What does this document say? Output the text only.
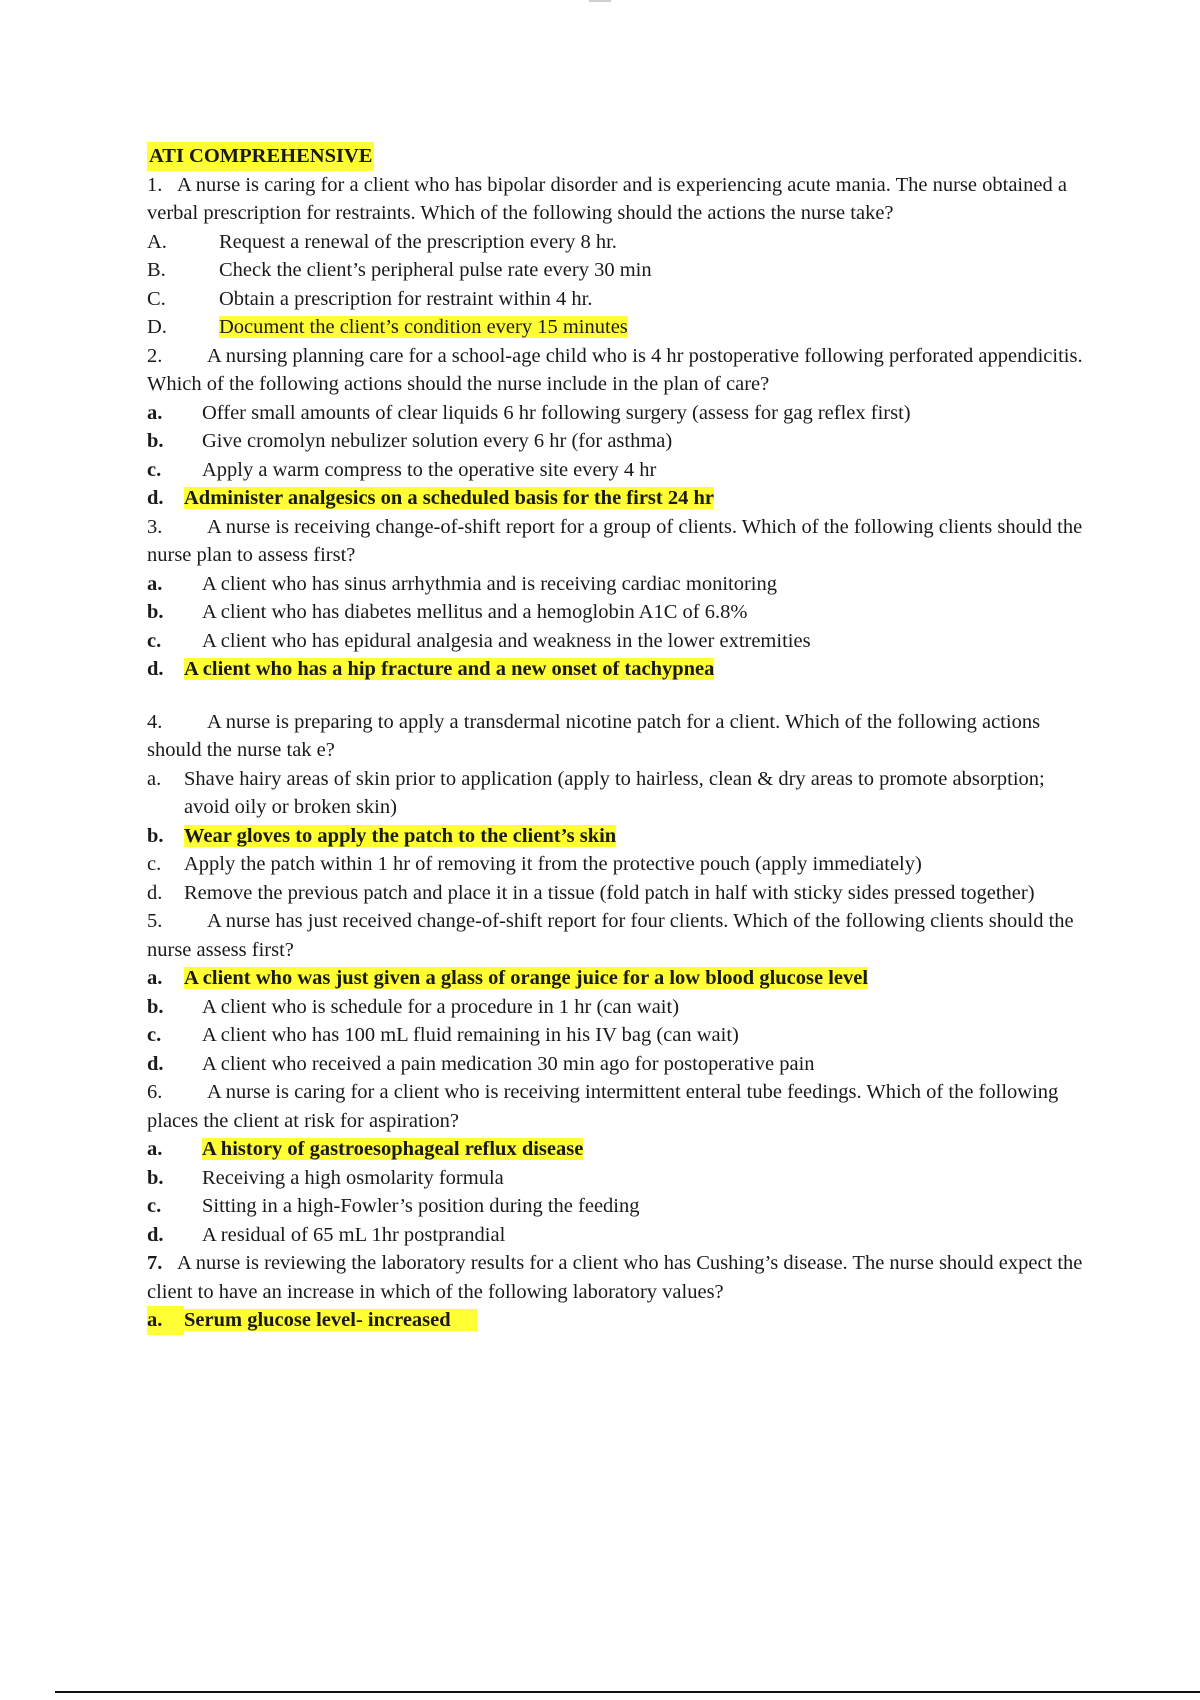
ATI COMPREHENSIVE

1. A nurse is caring for a client who has bipolar disorder and is experiencing acute mania. The nurse obtained a verbal prescription for restraints. Which of the following should the actions the nurse take?

A.	Request a renewal of the prescription every 8 hr.
B.	Check the client’s peripheral pulse rate every 30 min
C.	Obtain a prescription for restraint within 4 hr.
D.	Document the client’s condition every 15 minutes

2. A nursing planning care for a school-age child who is 4 hr postoperative following perforated appendicitis. Which of the following actions should the nurse include in the plan of care?

a.	Offer small amounts of clear liquids 6 hr following surgery (assess for gag reflex first)
b.	Give cromolyn nebulizer solution every 6 hr (for asthma)
c.	Apply a warm compress to the operative site every 4 hr
d. Administer analgesics on a scheduled basis for the first 24 hr

3. A nurse is receiving change-of-shift report for a group of clients. Which of the following clients should the nurse plan to assess first?

a.	A client who has sinus arrhythmia and is receiving cardiac monitoring
b.	A client who has diabetes mellitus and a hemoglobin A1C of 6.8%
c.	A client who has epidural analgesia and weakness in the lower extremities
d. A client who has a hip fracture and a new onset of tachypnea

4. A nurse is preparing to apply a transdermal nicotine patch for a client. Which of the following actions should the nurse tak e?

a.	Shave hairy areas of skin prior to application (apply to hairless, clean & dry areas to promote absorption; avoid oily or broken skin)
b. Wear gloves to apply the patch to the client’s skin
c.	Apply the patch within 1 hr of removing it from the protective pouch (apply immediately)
d.	Remove the previous patch and place it in a tissue (fold patch in half with sticky sides pressed together)

5. A nurse has just received change-of-shift report for four clients. Which of the following clients should the nurse assess first?

a.	A client who was just given a glass of orange juice for a low blood glucose level
b.	A client who is schedule for a procedure in 1 hr (can wait)
c.	A client who has 100 mL fluid remaining in his IV bag (can wait)
d.	A client who received a pain medication 30 min ago for postoperative pain

6. A nurse is caring for a client who is receiving intermittent enteral tube feedings. Which of the following places the client at risk for aspiration?

a.	A history of gastroesophageal reflux disease
b.	Receiving a high osmolarity formula
c.	Sitting in a high-Fowler’s position during the feeding
d.	A residual of 65 mL 1hr postprandial

7. A nurse is reviewing the laboratory results for a client who has Cushing’s disease. The nurse should expect the client to have an increase in which of the following laboratory values?

a.	Serum glucose level- increased
